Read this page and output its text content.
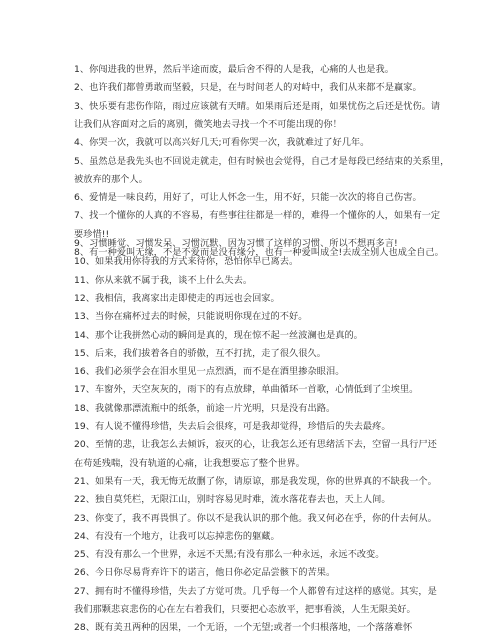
1、你闯进我的世界，然后半途而废，最后舍不得的人是我，心痛的人也是我。
2、也许我们都曾勇敢而坚毅，只是，在与时间老人的对峙中，我们从来都不是赢家。
3、快乐要有悲伤作陪，雨过应该就有天晴。如果雨后还是雨，如果忧伤之后还是忧伤。请
让我们从容面对之后的离别，微笑地去寻找一个不可能出现的你！
4、你哭一次，我就可以高兴好几天;可看你哭一次，我就难过了好几年。
5、虽然总是我先头也不回说走就走，但有时候也会觉得，自己才是每段已经结束的关系里，
被放弃的那个人。
6、爱情是一味良药，用好了，可让人怀念一生，用不好，只能一次次的将自己伤害。
7、找一个懂你的人真的不容易，有些事往往都是一样的，难得一个懂你的人，如果有一定
要珍惜!!
8、有一种爱叫无缘，不是不爱而是没有缘分，也有一种爱叫成全!去成全别人也成全自己。
9、习惯睡觉、习惯发呆、习惯沉默、因为习惯了这样的习惯、所以不想再多言!
10、如果我用你待我的方式来待你，恐怕你早已离去。
11、你从来就不属于我，谈不上什么失去。
12、我相信，我离家出走即使走的再远也会回家。
13、当你在痛杯过去的时候，只能说明你现在过的不好。
14、那个让我拼然心动的瞬间是真的，现在惊不起一丝波澜也是真的。
15、后来，我们拔着各自的骄傲，互不打扰，走了很久很久。
16、我们必须学会在泪水里见一点烈酒，而不是在酒里掺杂眼泪。
17、车窗外，天空灰灰的，雨下的有点放肆，单曲循环一首歌，心情低到了尘埃里。
18、我就像那漂流瓶中的纸条，前途一片光明，只是没有出路。
19、有人说不懂得珍惜，失去后会很疼，可是我却觉得，珍惜后的失去最疼。
20、至情的悲，让我怎么去倾诉，寂灭的心，让我怎么还有思绪活下去，空留一具行尸还
在苟延残喘，没有轨道的心痛，让我想要忘了整个世界。
21、如果有一天，我无悔无故删了你，请原谅，那是我发现，你的世界真的不缺我一个。
22、独自莫凭栏，无限江山，别时容易见时难，流水落花春去也，天上人间。
23、你变了，我不再畏惧了。你以不是我认识的那个他。我又何必在乎，你的什去何从。
24、有没有一个地方，让我可以忘掉悲伤的躯藏。
25、有没有那么一个世界，永远不天黑;有没有那么一种永远，永远不改变。
26、今日你尽易背弃许下的诺言，他日你必定品尝骸下的苦果。
27、拥有时不懂得珍惜，失去了方觉可贵。几乎每一个人都曾有过这样的感觉。其实，是
我们那颗悲哀悲伤的心在左右着我们，只要把心态放平，把事看淡，人生无限美好。
28、既有美丑两种的因果，一个无语，一个无望;或者一个归根落地，一个落落难怀
